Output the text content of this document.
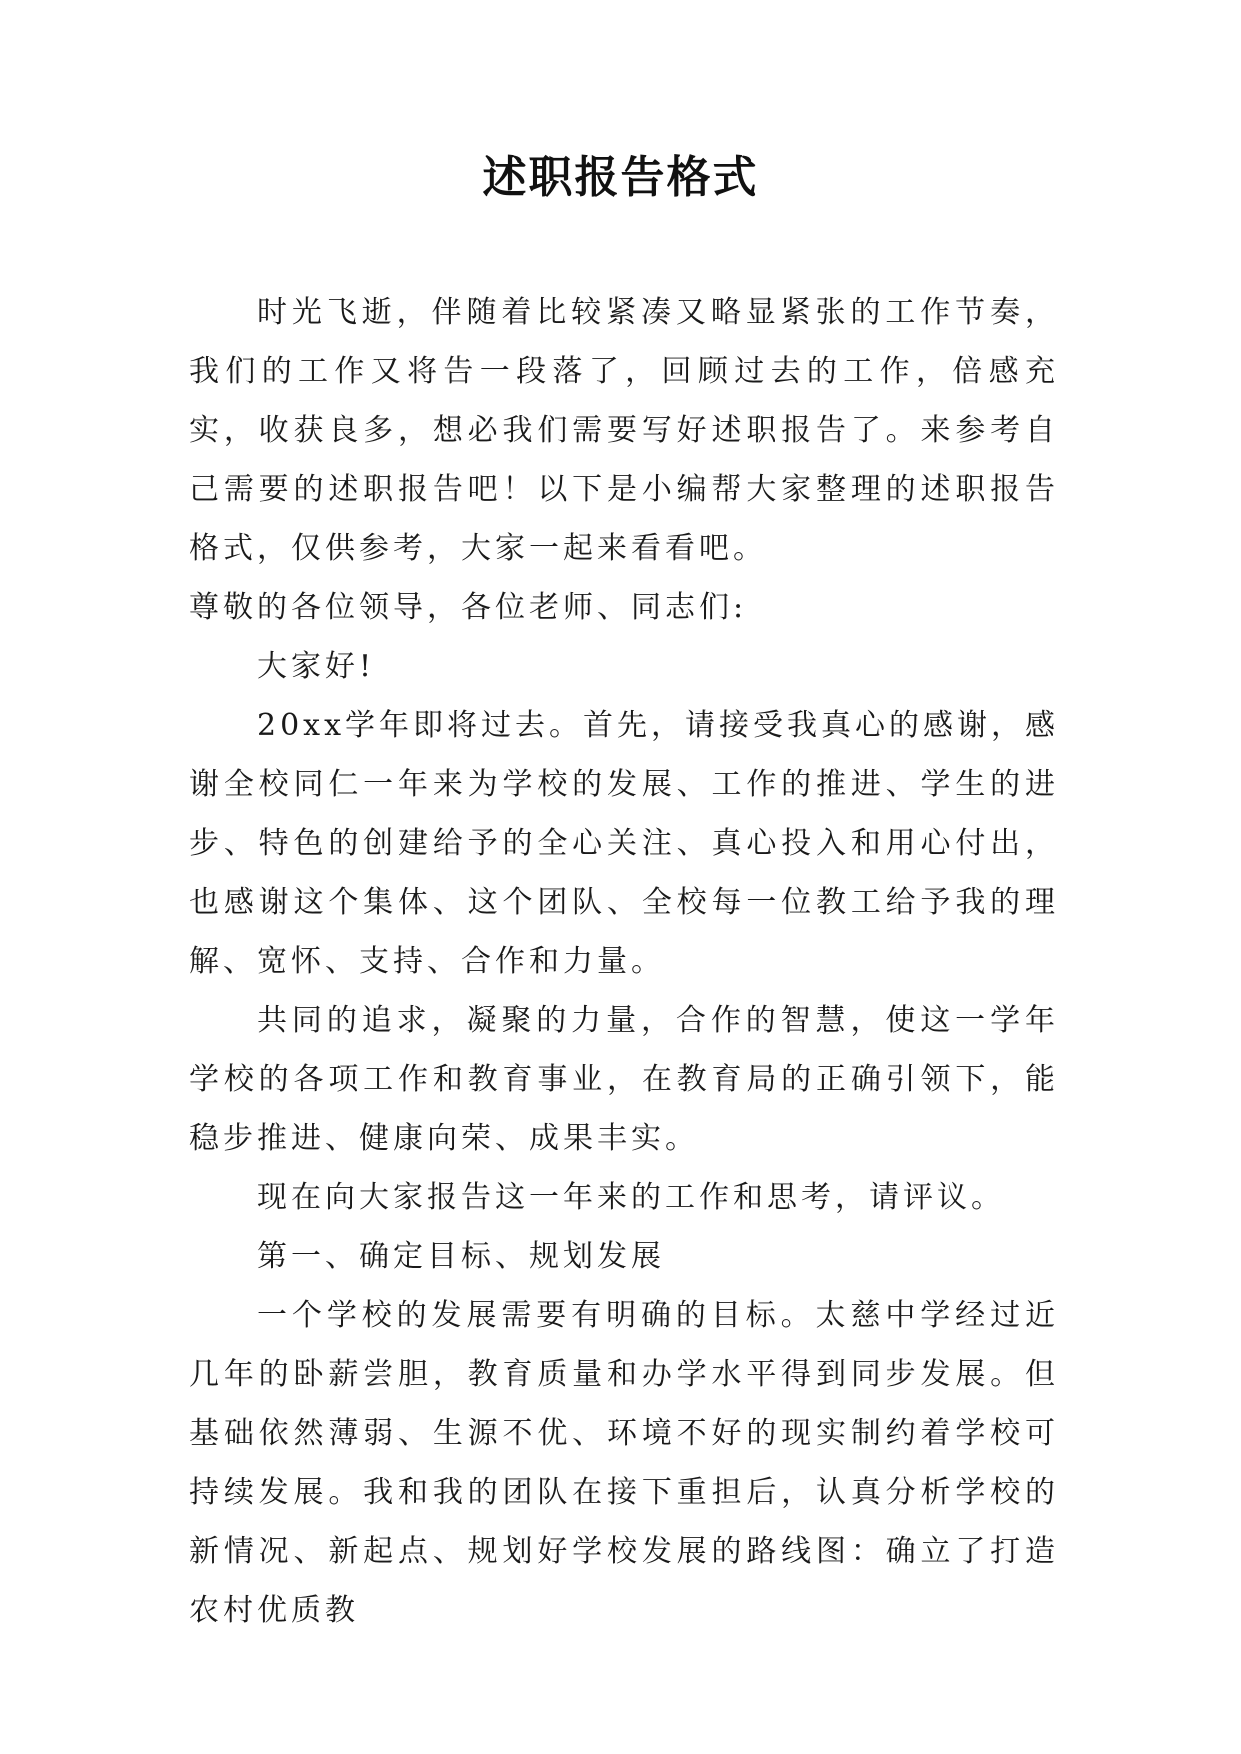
述职报告格式

时光飞逝，伴随着比较紧凑又略显紧张的工作节奏，我们的工作又将告一段落了，回顾过去的工作，倍感充实，收获良多，想必我们需要写好述职报告了。来参考自己需要的述职报告吧！以下是小编帮大家整理的述职报告格式，仅供参考，大家一起来看看吧。

尊敬的各位领导，各位老师、同志们:

大家好!

20xx学年即将过去。首先，请接受我真心的感谢，感谢全校同仁一年来为学校的发展、工作的推进、学生的进步、特色的创建给予的全心关注、真心投入和用心付出，也感谢这个集体、这个团队、全校每一位教工给予我的理解、宽怀、支持、合作和力量。

共同的追求，凝聚的力量，合作的智慧，使这一学年学校的各项工作和教育事业，在教育局的正确引领下，能稳步推进、健康向荣、成果丰实。

现在向大家报告这一年来的工作和思考，请评议。

第一、确定目标、规划发展

一个学校的发展需要有明确的目标。太慈中学经过近几年的卧薪尝胆，教育质量和办学水平得到同步发展。但基础依然薄弱、生源不优、环境不好的现实制约着学校可持续发展。我和我的团队在接下重担后，认真分析学校的新情况、新起点、规划好学校发展的路线图：确立了打造农村优质教
